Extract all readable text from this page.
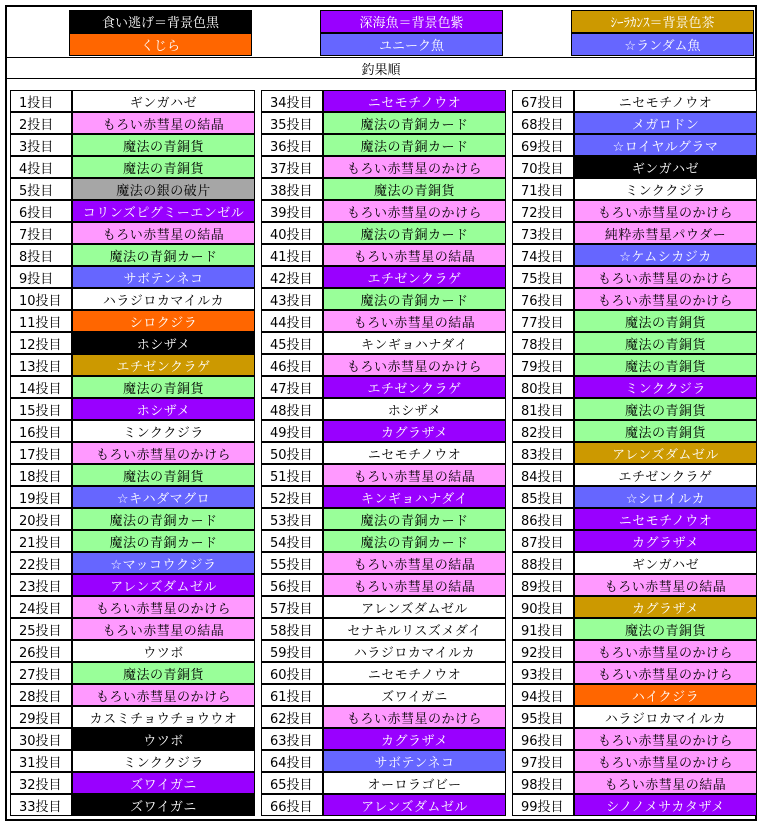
食い逃げ＝背景色黒	深海魚＝背景色紫	ｼｰﾗｶﾝｽ＝背景色茶
くじら	ユニーク魚	☆ランダム魚
釣果順
1投目	ギンガハゼ
2投目	もろい赤彗星の結晶
3投目	魔法の青銅貨
4投目	魔法の青銅貨
5投目	魔法の銀の破片
6投目	コリンズピグミーエンゼル
7投目	もろい赤彗星の結晶
8投目	魔法の青銅カード
9投目	サボテンネコ
10投目	ハラジロカマイルカ
11投目	シロクジラ
12投目	ホシザメ
13投目	エチゼンクラゲ
14投目	魔法の青銅貨
15投目	ホシザメ
16投目	ミンククジラ
17投目	もろい赤彗星のかけら
18投目	魔法の青銅貨
19投目	☆キハダマグロ
20投目	魔法の青銅カード
21投目	魔法の青銅カード
22投目	☆マッコウクジラ
23投目	アレンズダムゼル
24投目	もろい赤彗星のかけら
25投目	もろい赤彗星の結晶
26投目	ウツボ
27投目	魔法の青銅貨
28投目	もろい赤彗星のかけら
29投目	カスミチョウチョウウオ
30投目	ウツボ
31投目	ミンククジラ
32投目	ズワイガニ
33投目	ズワイガニ
34投目	ニセモチノウオ
35投目	魔法の青銅カード
36投目	魔法の青銅カード
37投目	もろい赤彗星のかけら
38投目	魔法の青銅貨
39投目	もろい赤彗星のかけら
40投目	魔法の青銅カード
41投目	もろい赤彗星の結晶
42投目	エチゼンクラゲ
43投目	魔法の青銅カード
44投目	もろい赤彗星の結晶
45投目	キンギョハナダイ
46投目	もろい赤彗星のかけら
47投目	エチゼンクラゲ
48投目	ホシザメ
49投目	カグラザメ
50投目	ニセモチノウオ
51投目	もろい赤彗星の結晶
52投目	キンギョハナダイ
53投目	魔法の青銅カード
54投目	魔法の青銅カード
55投目	もろい赤彗星の結晶
56投目	もろい赤彗星の結晶
57投目	アレンズダムゼル
58投目	セナキルリスズメダイ
59投目	ハラジロカマイルカ
60投目	ニセモチノウオ
61投目	ズワイガニ
62投目	もろい赤彗星のかけら
63投目	カグラザメ
64投目	サボテンネコ
65投目	オーロラゴビー
66投目	アレンズダムゼル
67投目	ニセモチノウオ
68投目	メガロドン
69投目	☆ロイヤルグラマ
70投目	ギンガハゼ
71投目	ミンククジラ
72投目	もろい赤彗星のかけら
73投目	純粋赤彗星パウダー
74投目	☆ケムシカジカ
75投目	もろい赤彗星のかけら
76投目	もろい赤彗星のかけら
77投目	魔法の青銅貨
78投目	魔法の青銅貨
79投目	魔法の青銅貨
80投目	ミンククジラ
81投目	魔法の青銅貨
82投目	魔法の青銅貨
83投目	アレンズダムゼル
84投目	エチゼンクラゲ
85投目	☆シロイルカ
86投目	ニセモチノウオ
87投目	カグラザメ
88投目	ギンガハゼ
89投目	もろい赤彗星の結晶
90投目	カグラザメ
91投目	魔法の青銅貨
92投目	もろい赤彗星のかけら
93投目	もろい赤彗星のかけら
94投目	ハイクジラ
95投目	ハラジロカマイルカ
96投目	もろい赤彗星のかけら
97投目	もろい赤彗星のかけら
98投目	もろい赤彗星の結晶
99投目	シノノメサカタザメ
